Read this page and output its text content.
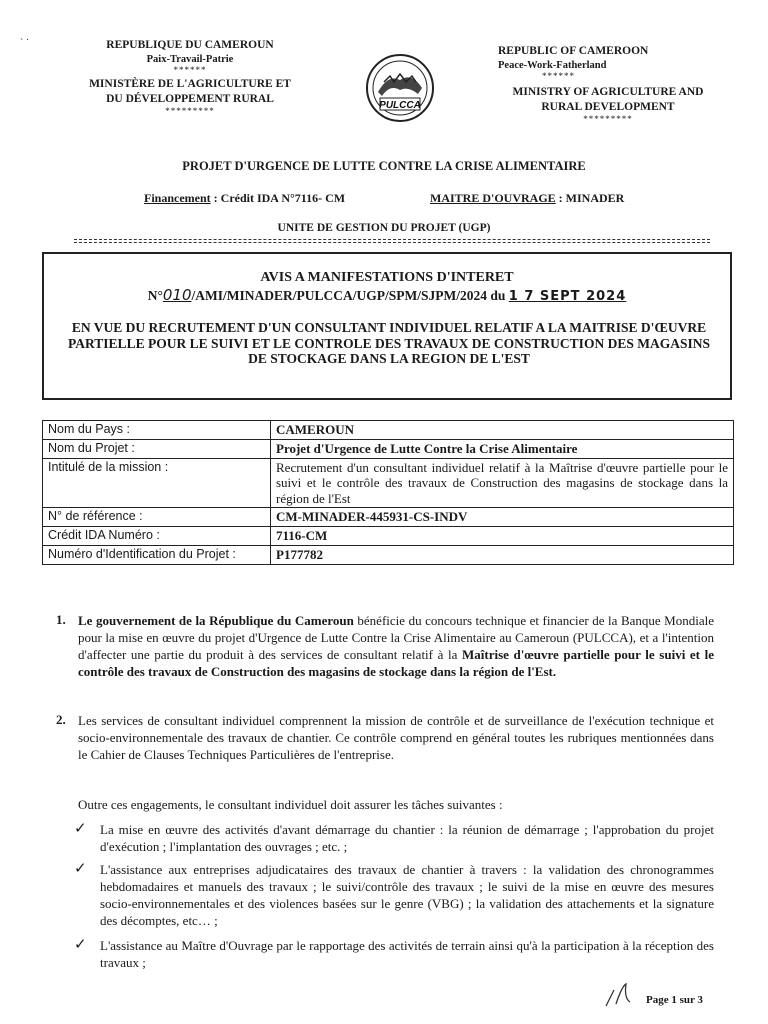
` ˙	REPUBLIQUE DU CAMEROUN
Paix-Travail-Patrie
******
MINISTÈRE DE L'AGRICULTURE ET
DU DÉVELOPPEMENT RURAL
*********	PULCCA
REPUBLIC OF CAMEROON
Peace-Work-Fatherland
******
MINISTRY OF AGRICULTURE AND
RURAL DEVELOPMENT
*********
PROJET D'URGENCE DE LUTTE CONTRE LA CRISE ALIMENTAIRE
Financement : Crédit IDA N°7116- CM	MAITRE D'OUVRAGE : MINADER
UNITE DE GESTION DU PROJET (UGP)
AVIS A MANIFESTATIONS D'INTERET
N°010/AMI/MINADER/PULCCA/UGP/SPM/SJPM/2024 du 1 7 SEPT 2024
EN VUE DU RECRUTEMENT D'UN CONSULTANT INDIVIDUEL RELATIF A LA MAITRISE D'ŒUVRE PARTIELLE POUR LE SUIVI ET LE CONTROLE DES TRAVAUX DE CONSTRUCTION DES MAGASINS DE STOCKAGE DANS LA REGION DE L'EST
Nom du Pays :	CAMEROUN
Nom du Projet :	Projet d'Urgence de Lutte Contre la Crise Alimentaire
Intitulé de la mission :	Recrutement d'un consultant individuel relatif à la Maîtrise d'œuvre partielle pour le suivi et le contrôle des travaux de Construction des magasins de stockage dans la région de l'Est
N° de référence :	CM-MINADER-445931-CS-INDV
Crédit IDA Numéro :	7116-CM
Numéro d'Identification du Projet :	P177782
1. Le gouvernement de la République du Cameroun bénéficie du concours technique et financier de la Banque Mondiale pour la mise en œuvre du projet d'Urgence de Lutte Contre la Crise Alimentaire au Cameroun (PULCCA), et a l'intention d'affecter une partie du produit à des services de consultant relatif à la Maîtrise d'œuvre partielle pour le suivi et le contrôle des travaux de Construction des magasins de stockage dans la région de l'Est.
2. Les services de consultant individuel comprennent la mission de contrôle et de surveillance de l'exécution technique et socio-environnementale des travaux de chantier. Ce contrôle comprend en général toutes les rubriques mentionnées dans le Cahier de Clauses Techniques Particulières de l'entreprise.
Outre ces engagements, le consultant individuel doit assurer les tâches suivantes :
✓ La mise en œuvre des activités d'avant démarrage du chantier : la réunion de démarrage ; l'approbation du projet d'exécution ; l'implantation des ouvrages ; etc. ;
✓ L'assistance aux entreprises adjudicataires des travaux de chantier à travers : la validation des chronogrammes hebdomadaires et manuels des travaux ; le suivi/contrôle des travaux ; le suivi de la mise en œuvre des mesures socio-environnementales et des violences basées sur le genre (VBG) ; la validation des attachements et la signature des décomptes, etc… ;
✓ L'assistance au Maître d'Ouvrage par le rapportage des activités de terrain ainsi qu'à la participation à la réception des travaux ;
Page 1 sur 3
